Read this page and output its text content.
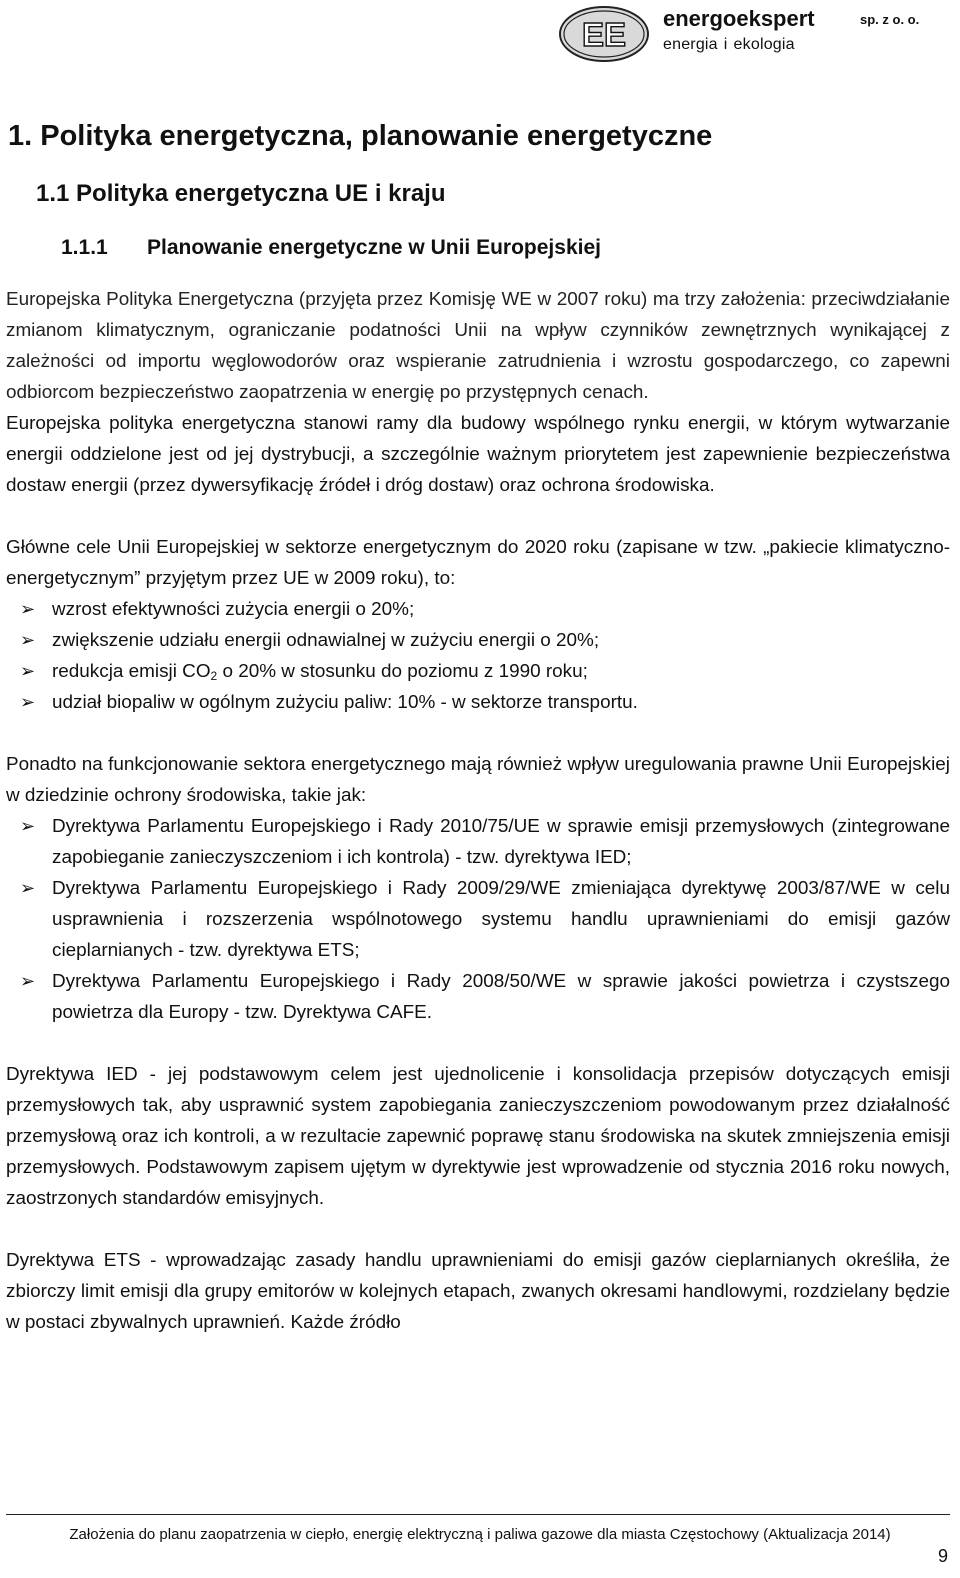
EE energoekspert	sp. z o. o.
energia i ekologia
1. Polityka energetyczna, planowanie energetyczne
1.1 Polityka energetyczna UE i kraju
1.1.1 Planowanie energetyczne w Unii Europejskiej

Europejska Polityka Energetyczna (przyjęta przez Komisję WE w 2007 roku) ma trzy założenia: przeciwdziałanie zmianom klimatycznym, ograniczanie podatności Unii na wpływ czynników zewnętrznych wynikającej z zależności od importu węglowodorów oraz wspieranie zatrudnienia i wzrostu gospodarczego, co zapewni odbiorcom bezpieczeństwo zaopatrzenia w energię po przystępnych cenach.

Europejska polityka energetyczna stanowi ramy dla budowy wspólnego rynku energii, w którym wytwarzanie energii oddzielone jest od jej dystrybucji, a szczególnie ważnym priorytetem jest zapewnienie bezpieczeństwa dostaw energii (przez dywersyfikację źródeł i dróg dostaw) oraz ochrona środowiska.

Główne cele Unii Europejskiej w sektorze energetycznym do 2020 roku (zapisane w tzw. „pakiecie klimatyczno-energetycznym” przyjętym przez UE w 2009 roku), to:

➢ wzrost efektywności zużycia energii o 20%;
➢ zwiększenie udziału energii odnawialnej w zużyciu energii o 20%;
➢ redukcja emisji $CO_2$ o 20% w stosunku do poziomu z 1990 roku;
➢ udział biopaliw w ogólnym zużyciu paliw: 10% - w sektorze transportu.

Ponadto na funkcjonowanie sektora energetycznego mają również wpływ uregulowania prawne Unii Europejskiej w dziedzinie ochrony środowiska, takie jak:

➢ Dyrektywa Parlamentu Europejskiego i Rady 2010/75/UE w sprawie emisji przemysłowych (zintegrowane zapobieganie zanieczyszczeniom i ich kontrola) - tzw. dyrektywa IED;
➢ Dyrektywa Parlamentu Europejskiego i Rady 2009/29/WE zmieniająca dyrektywę 2003/87/WE w celu usprawnienia i rozszerzenia wspólnotowego systemu handlu uprawnieniami do emisji gazów cieplarnianych - tzw. dyrektywa ETS;
➢ Dyrektywa Parlamentu Europejskiego i Rady 2008/50/WE w sprawie jakości powietrza i czystszego powietrza dla Europy - tzw. Dyrektywa CAFE.

Dyrektywa IED - jej podstawowym celem jest ujednolicenie i konsolidacja przepisów dotyczących emisji przemysłowych tak, aby usprawnić system zapobiegania zanieczyszczeniom powodowanym przez działalność przemysłową oraz ich kontroli, a w rezultacie zapewnić poprawę stanu środowiska na skutek zmniejszenia emisji przemysłowych. Podstawowym zapisem ujętym w dyrektywie jest wprowadzenie od stycznia 2016 roku nowych, zaostrzonych standardów emisyjnych.

Dyrektywa ETS - wprowadzając zasady handlu uprawnieniami do emisji gazów cieplarnianych określiła, że zbiorczy limit emisji dla grupy emitorów w kolejnych etapach, zwanych okresami handlowymi, rozdzielany będzie w postaci zbywalnych uprawnień. Każde źródło

Założenia do planu zaopatrzenia w ciepło, energię elektryczną i paliwa gazowe dla miasta Częstochowy (Aktualizacja 2014)
9
